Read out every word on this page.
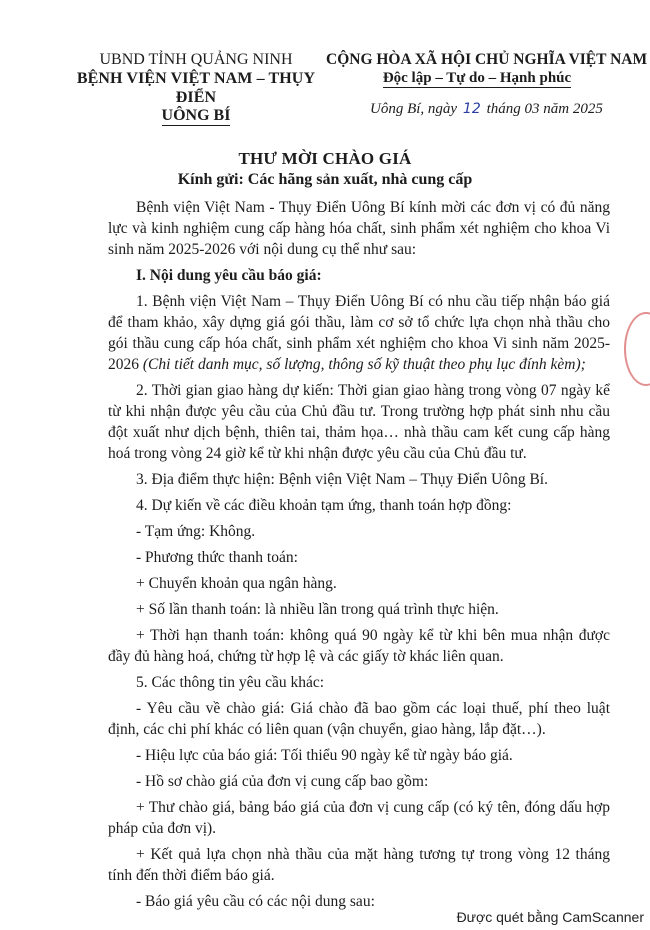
UBND TỈNH QUẢNG NINH
BỆNH VIỆN VIỆT NAM – THỤY ĐIỂN
UÔNG BÍ
CỘNG HÒA XÃ HỘI CHỦ NGHĨA VIỆT NAM
Độc lập – Tự do – Hạnh phúc
Uông Bí, ngày 12 tháng 03 năm 2025
THƯ MỜI CHÀO GIÁ
Kính gửi: Các hãng sản xuất, nhà cung cấp

Bệnh viện Việt Nam - Thụy Điển Uông Bí kính mời các đơn vị có đủ năng lực và kinh nghiệm cung cấp hàng hóa chất, sinh phẩm xét nghiệm cho khoa Vi sinh năm 2025-2026 với nội dung cụ thể như sau:

I. Nội dung yêu cầu báo giá:

1. Bệnh viện Việt Nam – Thụy Điển Uông Bí có nhu cầu tiếp nhận báo giá để tham khảo, xây dựng giá gói thầu, làm cơ sở tổ chức lựa chọn nhà thầu cho gói thầu cung cấp hóa chất, sinh phẩm xét nghiệm cho khoa Vi sinh năm 2025-2026 (Chi tiết danh mục, số lượng, thông số kỹ thuật theo phụ lục đính kèm);

2. Thời gian giao hàng dự kiến: Thời gian giao hàng trong vòng 07 ngày kể từ khi nhận được yêu cầu của Chủ đầu tư. Trong trường hợp phát sinh nhu cầu đột xuất như dịch bệnh, thiên tai, thảm họa… nhà thầu cam kết cung cấp hàng hoá trong vòng 24 giờ kể từ khi nhận được yêu cầu của Chủ đầu tư.

3. Địa điểm thực hiện: Bệnh viện Việt Nam – Thụy Điển Uông Bí.

4. Dự kiến về các điều khoản tạm ứng, thanh toán hợp đồng:

- Tạm ứng: Không.

- Phương thức thanh toán:

+ Chuyển khoản qua ngân hàng.

+ Số lần thanh toán: là nhiều lần trong quá trình thực hiện.

+ Thời hạn thanh toán: không quá 90 ngày kể từ khi bên mua nhận được đầy đủ hàng hoá, chứng từ hợp lệ và các giấy tờ khác liên quan.

5. Các thông tin yêu cầu khác:

- Yêu cầu về chào giá: Giá chào đã bao gồm các loại thuế, phí theo luật định, các chi phí khác có liên quan (vận chuyển, giao hàng, lắp đặt…).

- Hiệu lực của báo giá: Tối thiểu 90 ngày kể từ ngày báo giá.

- Hồ sơ chào giá của đơn vị cung cấp bao gồm:

+ Thư chào giá, bảng báo giá của đơn vị cung cấp (có ký tên, đóng dấu hợp pháp của đơn vị).

+ Kết quả lựa chọn nhà thầu của mặt hàng tương tự trong vòng 12 tháng tính đến thời điểm báo giá.

- Báo giá yêu cầu có các nội dung sau:

Được quét bằng CamScanner
